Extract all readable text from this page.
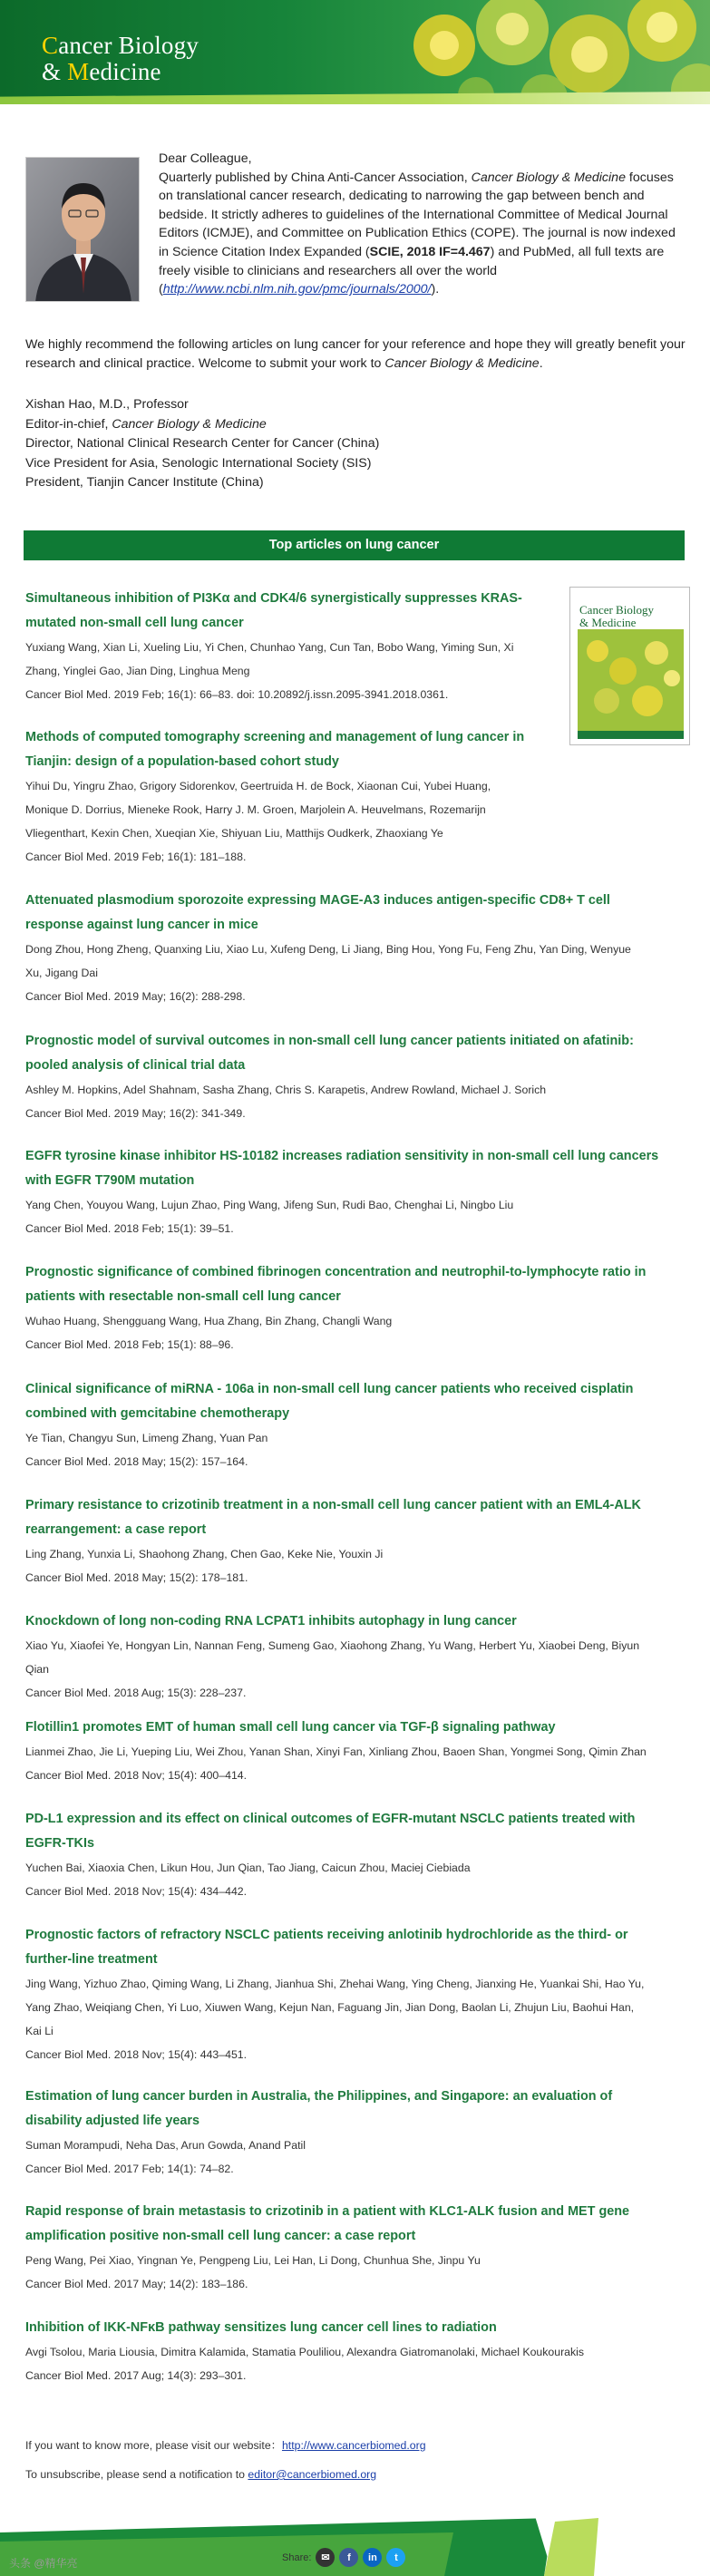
Cancer Biology
& Medicine
Dear Colleague,
Quarterly published by China Anti-Cancer Association, Cancer Biology & Medicine focuses on translational cancer research, dedicating to narrowing the gap between bench and bedside. It strictly adheres to guidelines of the International Committee of Medical Journal Editors (ICMJE), and Committee on Publication Ethics (COPE). The journal is now indexed in Science Citation Index Expanded (SCIE, 2018 IF=4.467) and PubMed, all full texts are freely visible to clinicians and researchers all over the world (http://www.ncbi.nlm.nih.gov/pmc/journals/2000/).
We highly recommend the following articles on lung cancer for your reference and hope they will greatly benefit your research and clinical practice. Welcome to submit your work to Cancer Biology & Medicine.
Xishan Hao, M.D., Professor
Editor-in-chief, Cancer Biology & Medicine
Director, National Clinical Research Center for Cancer (China)
Vice President for Asia, Senologic International Society (SIS)
President, Tianjin Cancer Institute (China)
Top articles on lung cancer
Cancer Biology
& Medicine
Simultaneous inhibition of PI3Kα and CDK4/6 synergistically suppresses KRAS-
mutated non-small cell lung cancer
Yuxiang Wang, Xian Li, Xueling Liu, Yi Chen, Chunhao Yang, Cun Tan, Bobo Wang, Yiming Sun, Xi
Zhang, Yinglei Gao, Jian Ding, Linghua Meng
Cancer Biol Med. 2019 Feb; 16(1): 66–83. doi: 10.20892/j.issn.2095-3941.2018.0361.
Methods of computed tomography screening and management of lung cancer in
Tianjin: design of a population-based cohort study
Yihui Du, Yingru Zhao, Grigory Sidorenkov, Geertruida H. de Bock, Xiaonan Cui, Yubei Huang,
Monique D. Dorrius, Mieneke Rook, Harry J. M. Groen, Marjolein A. Heuvelmans, Rozemarijn
Vliegenthart, Kexin Chen, Xueqian Xie, Shiyuan Liu, Matthijs Oudkerk, Zhaoxiang Ye
Cancer Biol Med. 2019 Feb; 16(1): 181–188.
Attenuated plasmodium sporozoite expressing MAGE-A3 induces antigen-specific CD8+ T cell
response against lung cancer in mice
Dong Zhou, Hong Zheng, Quanxing Liu, Xiao Lu, Xufeng Deng, Li Jiang, Bing Hou, Yong Fu, Feng Zhu, Yan Ding, Wenyue
Xu, Jigang Dai
Cancer Biol Med. 2019 May; 16(2): 288-298.
Prognostic model of survival outcomes in non-small cell lung cancer patients initiated on afatinib:
pooled analysis of clinical trial data
Ashley M. Hopkins, Adel Shahnam, Sasha Zhang, Chris S. Karapetis, Andrew Rowland, Michael J. Sorich
Cancer Biol Med. 2019 May; 16(2): 341-349.
EGFR tyrosine kinase inhibitor HS-10182 increases radiation sensitivity in non-small cell lung cancers
with EGFR T790M mutation
Yang Chen, Youyou Wang, Lujun Zhao, Ping Wang, Jifeng Sun, Rudi Bao, Chenghai Li, Ningbo Liu
Cancer Biol Med. 2018 Feb; 15(1): 39–51.
Prognostic significance of combined fibrinogen concentration and neutrophil-to-lymphocyte ratio in
patients with resectable non-small cell lung cancer
Wuhao Huang, Shengguang Wang, Hua Zhang, Bin Zhang, Changli Wang
Cancer Biol Med. 2018 Feb; 15(1): 88–96.
Clinical significance of miRNA - 106a in non-small cell lung cancer patients who received cisplatin
combined with gemcitabine chemotherapy
Ye Tian, Changyu Sun, Limeng Zhang, Yuan Pan
Cancer Biol Med. 2018 May; 15(2): 157–164.
Primary resistance to crizotinib treatment in a non-small cell lung cancer patient with an EML4-ALK
rearrangement: a case report
Ling Zhang, Yunxia Li, Shaohong Zhang, Chen Gao, Keke Nie, Youxin Ji
Cancer Biol Med. 2018 May; 15(2): 178–181.
Knockdown of long non-coding RNA LCPAT1 inhibits autophagy in lung cancer
Xiao Yu, Xiaofei Ye, Hongyan Lin, Nannan Feng, Sumeng Gao, Xiaohong Zhang, Yu Wang, Herbert Yu, Xiaobei Deng, Biyun
Qian
Cancer Biol Med. 2018 Aug; 15(3): 228–237.
Flotillin1 promotes EMT of human small cell lung cancer via TGF-β signaling pathway
Lianmei Zhao, Jie Li, Yueping Liu, Wei Zhou, Yanan Shan, Xinyi Fan, Xinliang Zhou, Baoen Shan, Yongmei Song, Qimin Zhan
Cancer Biol Med. 2018 Nov; 15(4): 400–414.
PD-L1 expression and its effect on clinical outcomes of EGFR-mutant NSCLC patients treated with
EGFR-TKIs
Yuchen Bai, Xiaoxia Chen, Likun Hou, Jun Qian, Tao Jiang, Caicun Zhou, Maciej Ciebiada
Cancer Biol Med. 2018 Nov; 15(4): 434–442.
Prognostic factors of refractory NSCLC patients receiving anlotinib hydrochloride as the third- or
further-line treatment
Jing Wang, Yizhuo Zhao, Qiming Wang, Li Zhang, Jianhua Shi, Zhehai Wang, Ying Cheng, Jianxing He, Yuankai Shi, Hao Yu,
Yang Zhao, Weiqiang Chen, Yi Luo, Xiuwen Wang, Kejun Nan, Faguang Jin, Jian Dong, Baolan Li, Zhujun Liu, Baohui Han,
Kai Li
Cancer Biol Med. 2018 Nov; 15(4): 443–451.
Estimation of lung cancer burden in Australia, the Philippines, and Singapore: an evaluation of
disability adjusted life years
Suman Morampudi, Neha Das, Arun Gowda, Anand Patil
Cancer Biol Med. 2017 Feb; 14(1): 74–82.
Rapid response of brain metastasis to crizotinib in a patient with KLC1-ALK fusion and MET gene
amplification positive non-small cell lung cancer: a case report
Peng Wang, Pei Xiao, Yingnan Ye, Pengpeng Liu, Lei Han, Li Dong, Chunhua She, Jinpu Yu
Cancer Biol Med. 2017 May; 14(2): 183–186.
Inhibition of IKK-NFκB pathway sensitizes lung cancer cell lines to radiation
Avgi Tsolou, Maria Liousia, Dimitra Kalamida, Stamatia Pouliliou, Alexandra Giatromanolaki, Michael Koukourakis
Cancer Biol Med. 2017 Aug; 14(3): 293–301.
If you want to know more, please visit our website：http://www.cancerbiomed.org
To unsubscribe, please send a notification to editor@cancerbiomed.org
Share: ✉	f	in	t
头条 @精华亮
